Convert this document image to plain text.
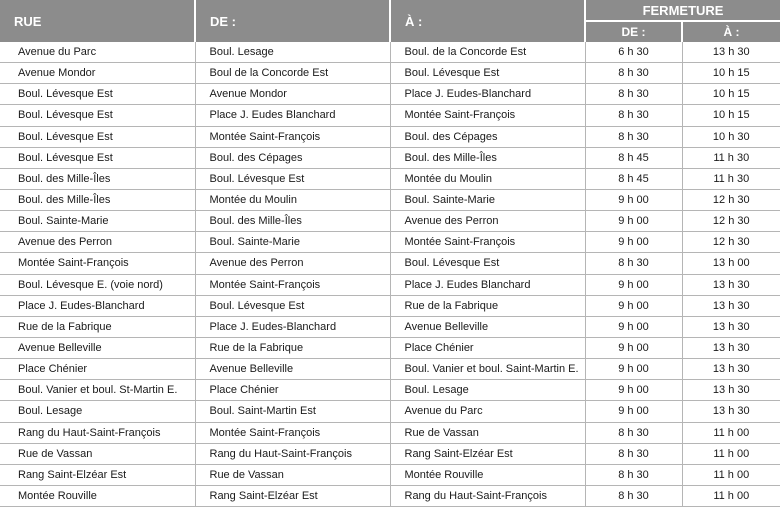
RUE	DE :	À :	FERMETURE	
			DE :	À :
Avenue du Parc	Boul. Lesage	Boul. de la Concorde Est	6 h 30	13 h 30
Avenue Mondor	Boul de la Concorde Est	Boul. Lévesque Est	8 h 30	10 h 15
Boul. Lévesque Est	Avenue Mondor	Place J. Eudes-Blanchard	8 h 30	10 h 15
Boul. Lévesque Est	Place J. Eudes Blanchard	Montée Saint-François	8 h 30	10 h 15
Boul. Lévesque Est	Montée Saint-François	Boul. des Cépages	8 h 30	10 h 30
Boul. Lévesque Est	Boul. des Cépages	Boul. des Mille-Îles	8 h 45	11 h 30
Boul. des Mille-Îles	Boul. Lévesque Est	Montée du Moulin	8 h 45	11 h 30
Boul. des Mille-Îles	Montée du Moulin	Boul. Sainte-Marie	9 h 00	12 h 30
Boul. Sainte-Marie	Boul. des Mille-Îles	Avenue des Perron	9 h 00	12 h 30
Avenue des Perron	Boul. Sainte-Marie	Montée Saint-François	9 h 00	12 h 30
Montée Saint-François	Avenue des Perron	Boul. Lévesque Est	8 h 30	13 h 00
Boul. Lévesque E. (voie nord)	Montée Saint-François	Place J. Eudes Blanchard	9 h 00	13 h 30
Place J. Eudes-Blanchard	Boul. Lévesque Est	Rue de la Fabrique	9 h 00	13 h 30
Rue de la Fabrique	Place J. Eudes-Blanchard	Avenue Belleville	9 h 00	13 h 30
Avenue Belleville	Rue de la Fabrique	Place Chénier	9 h 00	13 h 30
Place Chénier	Avenue Belleville	Boul. Vanier et boul. Saint-Martin E.	9 h 00	13 h 30
Boul. Vanier et boul. St-Martin E.	Place Chénier	Boul. Lesage	9 h 00	13 h 30
Boul. Lesage	Boul. Saint-Martin Est	Avenue du Parc	9 h 00	13 h 30
Rang du Haut-Saint-François	Montée Saint-François	Rue de Vassan	8 h 30	11 h 00
Rue de Vassan	Rang du Haut-Saint-François	Rang Saint-Elzéar Est	8 h 30	11 h 00
Rang Saint-Elzéar Est	Rue de Vassan	Montée Rouville	8 h 30	11 h 00
Montée Rouville	Rang Saint-Elzéar Est	Rang du Haut-Saint-François	8 h 30	11 h 00
